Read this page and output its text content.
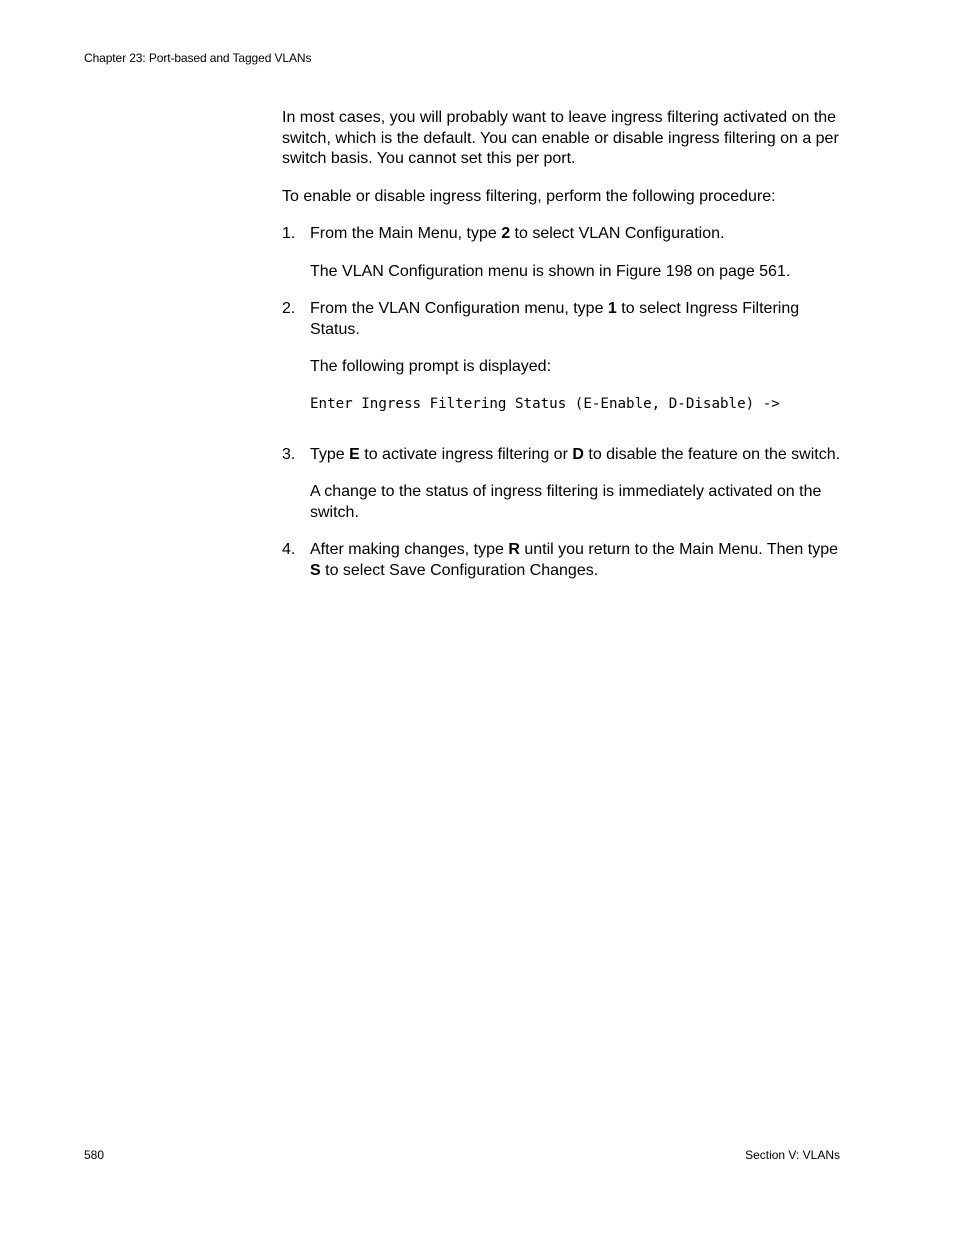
Chapter 23: Port-based and Tagged VLANs

In most cases, you will probably want to leave ingress filtering activated on the switch, which is the default. You can enable or disable ingress filtering on a per switch basis. You cannot set this per port.

To enable or disable ingress filtering, perform the following procedure:

1. From the Main Menu, type 2 to select VLAN Configuration.

The VLAN Configuration menu is shown in Figure 198 on page 561.

2. From the VLAN Configuration menu, type 1 to select Ingress Filtering Status.

The following prompt is displayed:

Enter Ingress Filtering Status (E-Enable, D-Disable) ->
3. Type E to activate ingress filtering or D to disable the feature on the switch.

A change to the status of ingress filtering is immediately activated on the switch.

4. After making changes, type R until you return to the Main Menu. Then type S to select Save Configuration Changes.

580	Section V: VLANs
